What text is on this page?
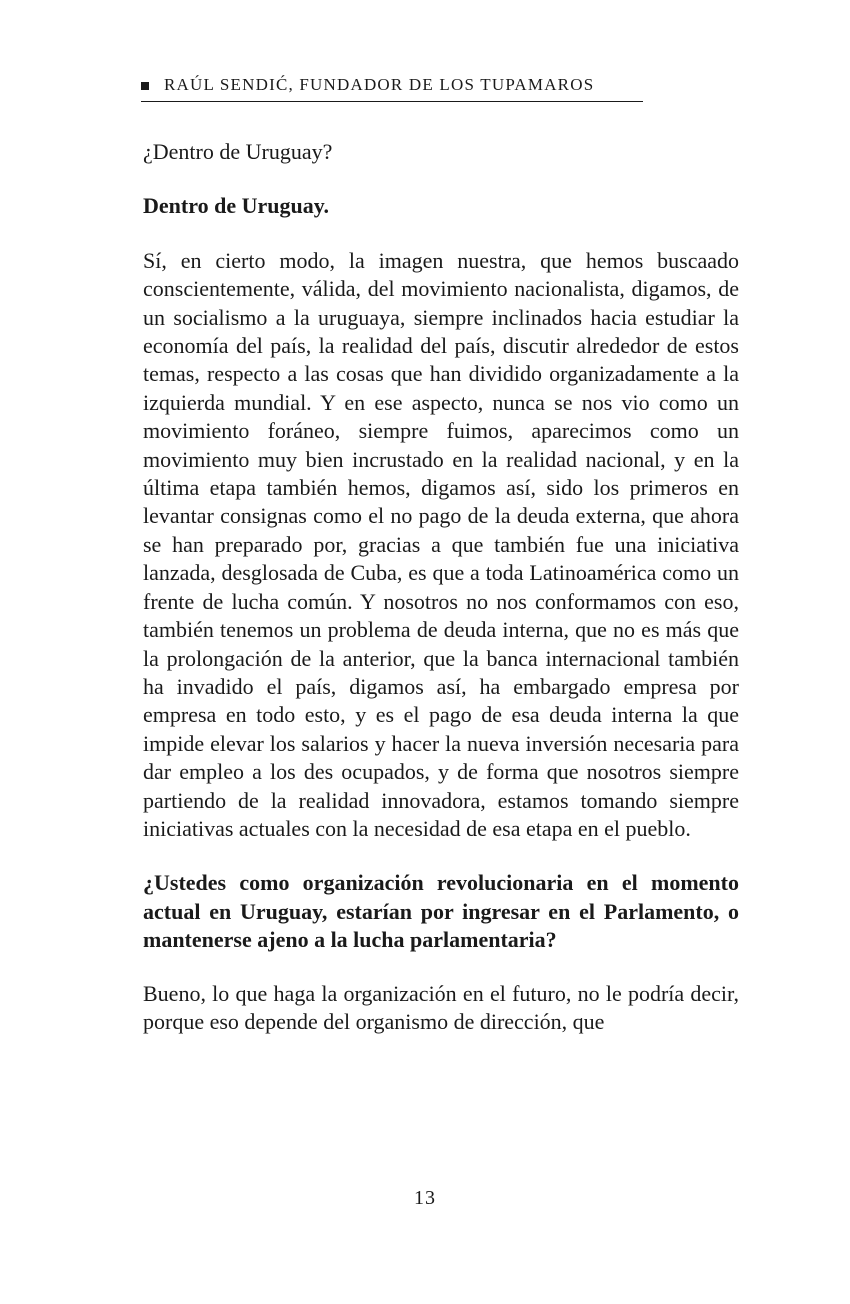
RAÚL SENDIĆ, FUNDADOR DE LOS TUPAMAROS

¿Dentro de Uruguay?

Dentro de Uruguay.

Sí, en cierto modo, la imagen nuestra, que hemos buscaado conscientemente, válida, del movimiento nacionalista, digamos, de un socialismo a la uruguaya, siempre inclinados hacia estudiar la economía del país, la realidad del país, discutir alrededor de estos temas, respecto a las cosas que han dividido organizadamente a la izquierda mundial. Y en ese aspecto, nunca se nos vio como un movimiento foráneo, siempre fuimos, aparecimos como un movimiento muy bien incrustado en la realidad nacional, y en la última etapa también hemos, digamos así, sido los primeros en levantar consignas como el no pago de la deuda externa, que ahora se han preparado por, gracias a que también fue una iniciativa lanzada, desglosada de Cuba, es que a toda Latinoamérica como un frente de lucha común. Y nosotros no nos conformamos con eso, también tenemos un problema de deuda interna, que no es más que la prolongación de la anterior, que la banca internacional también ha invadido el país, digamos así, ha embargado empresa por empresa en todo esto, y es el pago de esa deuda interna la que impide elevar los salarios y hacer la nueva inversión necesaria para dar empleo a los des ocupados, y de forma que nosotros siempre partiendo de la realidad innovadora, estamos tomando siempre iniciativas actuales con la necesidad de esa etapa en el pueblo.

¿Ustedes como organización revolucionaria en el momento actual en Uruguay, estarían por ingresar en el Parlamento, o mantenerse ajeno a la lucha parlamentaria?

Bueno, lo que haga la organización en el futuro, no le podría decir, porque eso depende del organismo de dirección, que

13
